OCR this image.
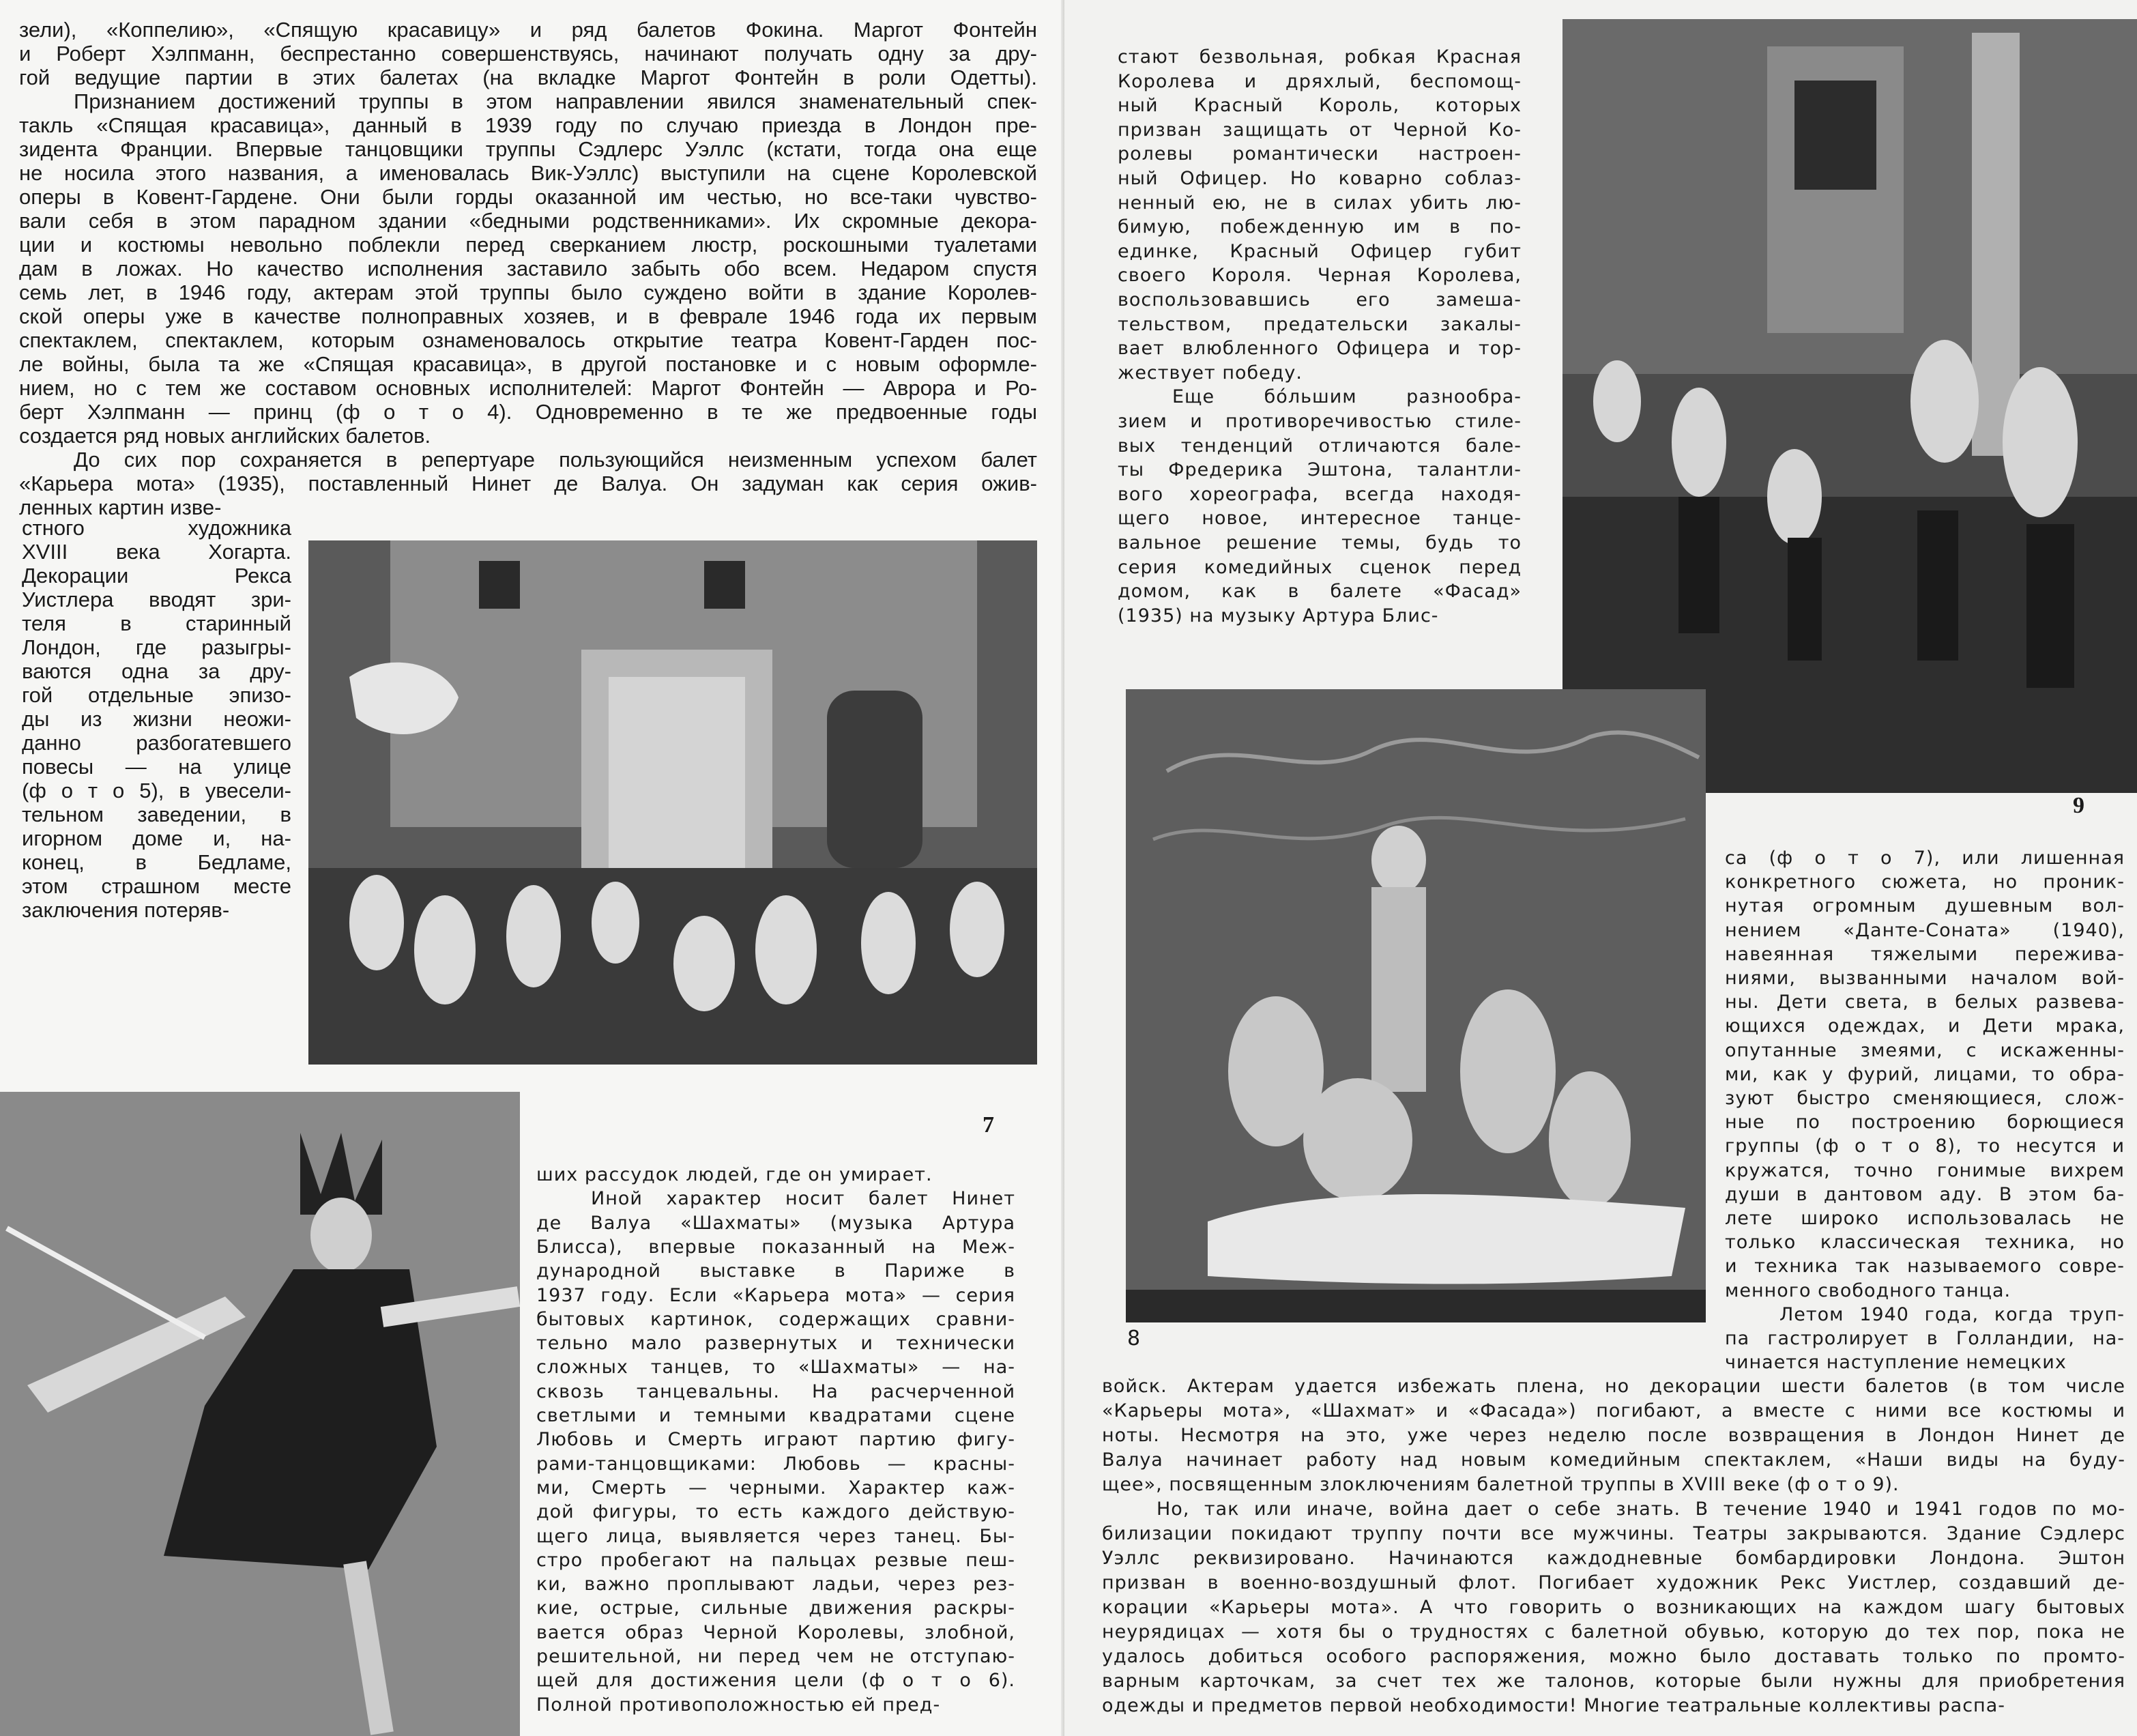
зели), «Коппелию», «Спящую красавицу» и ряд балетов Фокина. Маргот Фонтейн
и Роберт Хэлпманн, беспрестанно совершенствуясь, начинают получать одну за дру-
гой ведущие партии в этих балетах (на вкладке Маргот Фонтейн в роли Одетты).
Признанием достижений труппы в этом направлении явился знаменательный спек-
такль «Спящая красавица», данный в 1939 году по случаю приезда в Лондон пре-
зидента Франции. Впервые танцовщики труппы Сэдлерс Уэллс (кстати, тогда она еще
не носила этого названия, а именовалась Вик-Уэллс) выступили на сцене Королевской
оперы в Ковент-Гардене. Они были горды оказанной им честью, но все-таки чувство-
вали себя в этом парадном здании «бедными родственниками». Их скромные декора-
ции и костюмы невольно поблекли перед сверканием люстр, роскошными туалетами
дам в ложах. Но качество исполнения заставило забыть обо всем. Недаром спустя
семь лет, в 1946 году, актерам этой труппы было суждено войти в здание Королев-
ской оперы уже в качестве полноправных хозяев, и в феврале 1946 года их первым
спектаклем, спектаклем, которым ознаменовалось открытие театра Ковент-Гарден пос-
ле войны, была та же «Спящая красавица», в другой постановке и с новым оформле-
нием, но с тем же составом основных исполнителей: Маргот Фонтейн — Аврора и Ро-
берт Хэлпманн — принц (ф о т о 4). Одновременно в те же предвоенные годы
создается ряд новых английских балетов.
До сих пор сохраняется в репертуаре пользующийся неизменным успехом балет
«Карьера мота» (1935), поставленный Нинет де Валуа. Он задуман как серия ожив-
ленных картин изве-
стного художника
XVIII века Хогарта.
Декорации Рекса
Уистлера вводят зри-
теля в старинный
Лондон, где разыгры-
ваются одна за дру-
гой отдельные эпизо-
ды из жизни неожи-
данно разбогатевшего
повесы — на улице
(ф о т о 5), в увесели-
тельном заведении, в
игорном доме и, на-
конец, в Бедламе,
этом страшном месте
заключения потеряв-
7
ших рассудок людей, где он умирает.
Иной характер носит балет Нинет
де Валуа «Шахматы» (музыка Артура
Блисса), впервые показанный на Меж-
дународной выставке в Париже в
1937 году. Если «Карьера мота» — серия
бытовых картинок, содержащих сравни-
тельно мало развернутых и технически
сложных танцев, то «Шахматы» — на-
сквозь танцевальны. На расчерченной
светлыми и темными квадратами сцене
Любовь и Смерть играют партию фигу-
рами-танцовщиками: Любовь — красны-
ми, Смерть — черными. Характер каж-
дой фигуры, то есть каждого действую-
щего лица, выявляется через танец. Бы-
стро пробегают на пальцах резвые пеш-
ки, важно проплывают ладьи, через рез-
кие, острые, сильные движения раскры-
вается образ Черной Королевы, злобной,
решительной, ни перед чем не отступаю-
щей для достижения цели (ф о т о 6).
Полной противоположностью ей пред-
стают безвольная, робкая Красная
Королева и дряхлый, беспомощ-
ный Красный Король, которых
призван защищать от Черной Ко-
ролевы романтически настроен-
ный Офицер. Но коварно соблаз-
ненный ею, не в силах убить лю-
бимую, побежденную им в по-
единке, Красный Офицер губит
своего Короля. Черная Королева,
воспользовавшись его замеша-
тельством, предательски закалы-
вает влюбленного Офицера и тор-
жествует победу.
Еще бо́льшим разнообра-
зием и противоречивостью стиле-
вых тенденций отличаются бале-
ты Фредерика Эштона, талантли-
вого хореографа, всегда находя-
щего новое, интересное танце-
вальное решение темы, будь то
серия комедийных сценок перед
домом, как в балете «Фасад»
(1935) на музыку Артура Блис-
9
8
са (ф о т о 7), или лишенная
конкретного сюжета, но проник-
нутая огромным душевным вол-
нением «Данте-Соната» (1940),
навеянная тяжелыми пережива-
ниями, вызванными началом вой-
ны. Дети света, в белых развева-
ющихся одеждах, и Дети мрака,
опутанные змеями, с искаженны-
ми, как у фурий, лицами, то обра-
зуют быстро сменяющиеся, слож-
ные по построению борющиеся
группы (ф о т о 8), то несутся и
кружатся, точно гонимые вихрем
души в дантовом аду. В этом ба-
лете широко использовалась не
только классическая техника, но
и техника так называемого совре-
менного свободного танца.
Летом 1940 года, когда труп-
па гастролирует в Голландии, на-
чинается наступление немецких
войск. Актерам удается избежать плена, но декорации шести балетов (в том числе
«Карьеры мота», «Шахмат» и «Фасада») погибают, а вместе с ними все костюмы и
ноты. Несмотря на это, уже через неделю после возвращения в Лондон Нинет де
Валуа начинает работу над новым комедийным спектаклем, «Наши виды на буду-
щее», посвященным злоключениям балетной труппы в XVIII веке (ф о т о 9).
Но, так или иначе, война дает о себе знать. В течение 1940 и 1941 годов по мо-
билизации покидают труппу почти все мужчины. Театры закрываются. Здание Сэдлерс
Уэллс реквизировано. Начинаются каждодневные бомбардировки Лондона. Эштон
призван в военно-воздушный флот. Погибает художник Рекс Уистлер, создавший де-
корации «Карьеры мота». А что говорить о возникающих на каждом шагу бытовых
неурядицах — хотя бы о трудностях с балетной обувью, которую до тех пор, пока не
удалось добиться особого распоряжения, можно было доставать только по промто-
варным карточкам, за счет тех же талонов, которые были нужны для приобретения
одежды и предметов первой необходимости! Многие театральные коллективы распа-
